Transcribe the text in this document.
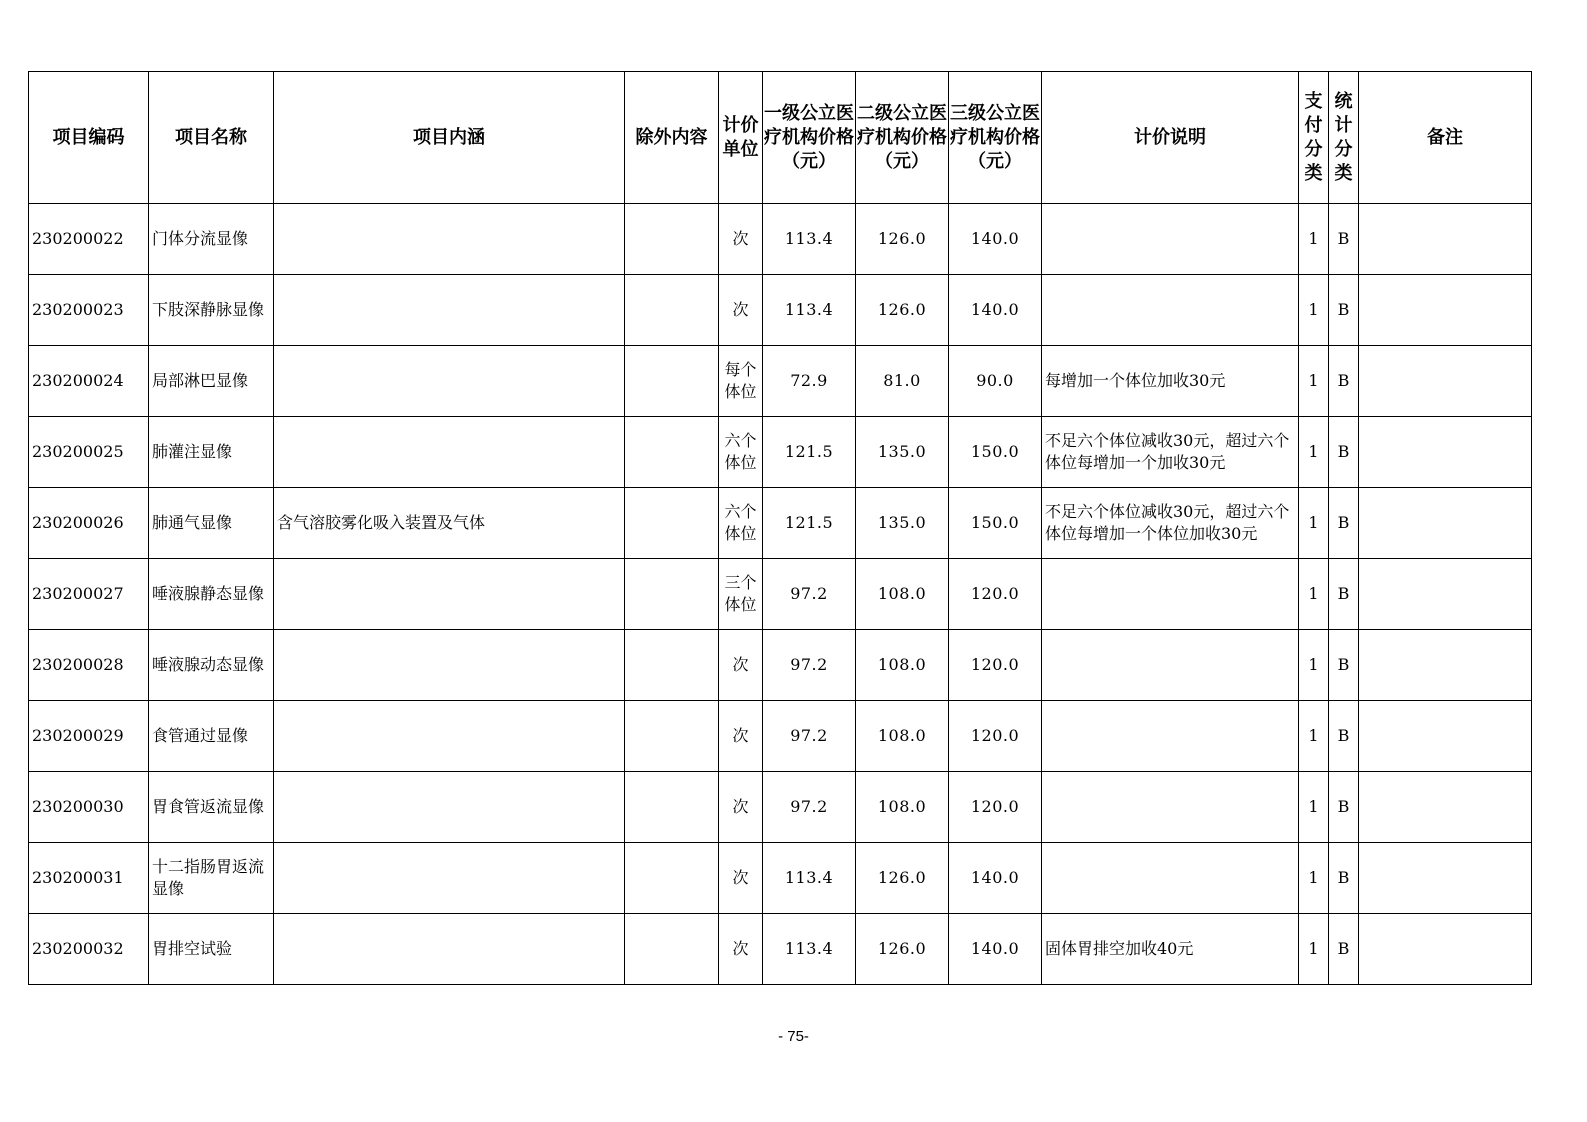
项目编码	项目名称	项目内涵	除外内容	计价单位	一级公立医疗机构价格（元）	二级公立医疗机构价格（元）	三级公立医疗机构价格（元）	计价说明	支付分类	统计分类	备注
230200022	门体分流显像			次	113.4	126.0	140.0		1	B	
230200023	下肢深静脉显像			次	113.4	126.0	140.0		1	B	
230200024	局部淋巴显像			每个体位	72.9	81.0	90.0	每增加一个体位加收30元	1	B	
230200025	肺灌注显像			六个体位	121.5	135.0	150.0	不足六个体位减收30元，超过六个体位每增加一个加收30元	1	B	
230200026	肺通气显像	含气溶胶雾化吸入装置及气体		六个体位	121.5	135.0	150.0	不足六个体位减收30元，超过六个体位每增加一个体位加收30元	1	B	
230200027	唾液腺静态显像			三个体位	97.2	108.0	120.0		1	B	
230200028	唾液腺动态显像			次	97.2	108.0	120.0		1	B	
230200029	食管通过显像			次	97.2	108.0	120.0		1	B	
230200030	胃食管返流显像			次	97.2	108.0	120.0		1	B	
230200031	十二指肠胃返流显像			次	113.4	126.0	140.0		1	B	
230200032	胃排空试验			次	113.4	126.0	140.0	固体胃排空加收40元	1	B	
- 75-
